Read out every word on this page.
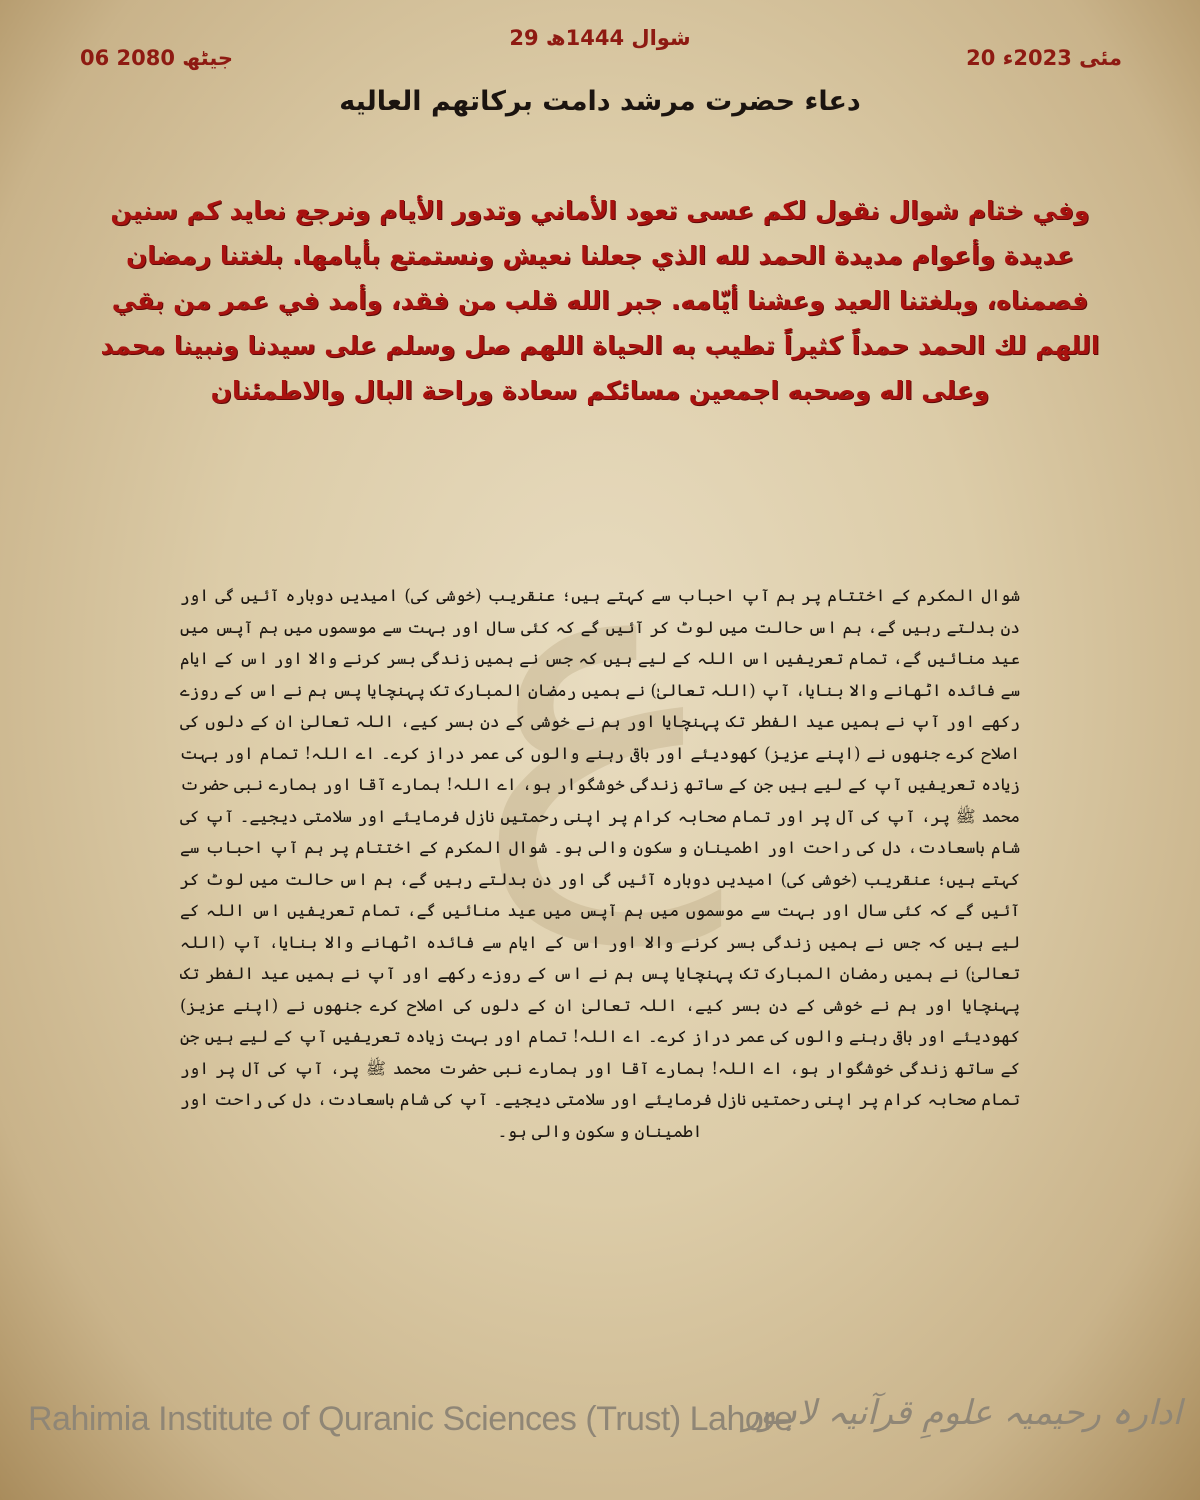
ﻉ
29 شوال 1444ھ
20 مئی 2023ء
06 جیٹھ 2080
دعاء حضرت مرشد دامت برکاتهم العاليه
وفي ختام شوال نقول لكم عسى تعود الأماني وتدور الأيام ونرجع نعايد كم سنين عديدة وأعوام مديدة الحمد لله الذي جعلنا نعيش ونستمتع بأيامها. بلغتنا رمضان فصمناه، وبلغتنا العيد وعشنا أيّامه. جبر الله قلب من فقد، وأمد في عمر من بقي اللهم لك الحمد حمداً كثيراً تطيب به الحياة اللهم صل وسلم على سيدنا ونبينا محمد وعلى اله وصحبه اجمعين مسائكم سعادة وراحة البال والاطمئنان
شوال المکرم کے اختتام پر ہم آپ احباب سے کہتے ہیں؛ عنقریب (خوشی کی) امیدیں دوبارہ آئیں گی اور دن بدلتے رہیں گے، ہم اس حالت میں لوٹ کر آئیں گے کہ کئی سال اور بہت سے موسموں میں ہم آپس میں عید منائیں گے، تمام تعریفیں اس اللہ کے لیے ہیں کہ جس نے ہمیں زندگی بسر کرنے والا اور اس کے ایام سے فائدہ اٹھانے والا بنایا، آپ (اللہ تعالیٰ) نے ہمیں رمضان المبارک تک پہنچایا پس ہم نے اس کے روزے رکھے اور آپ نے ہمیں عید الفطر تک پہنچایا اور ہم نے خوشی کے دن بسر کیے، اللہ تعالیٰ ان کے دلوں کی اصلاح کرے جنھوں نے (اپنے عزیز) کھودیئے اور باقی رہنے والوں کی عمر دراز کرے۔ اے اللہ! تمام اور بہت زیادہ تعریفیں آپ کے لیے ہیں جن کے ساتھ زندگی خوشگوار ہو، اے اللہ! ہمارے آقا اور ہمارے نبی حضرت محمد ﷺ پر، آپ کی آل پر اور تمام صحابہ کرام پر اپنی رحمتیں نازل فرمایئے اور سلامتی دیجیے۔ آپ کی شام باسعادت، دل کی راحت اور اطمینان و سکون والی ہو۔ شوال المکرم کے اختتام پر ہم آپ احباب سے کہتے ہیں؛ عنقریب (خوشی کی) امیدیں دوبارہ آئیں گی اور دن بدلتے رہیں گے، ہم اس حالت میں لوٹ کر آئیں گے کہ کئی سال اور بہت سے موسموں میں ہم آپس میں عید منائیں گے، تمام تعریفیں اس اللہ کے لیے ہیں کہ جس نے ہمیں زندگی بسر کرنے والا اور اس کے ایام سے فائدہ اٹھانے والا بنایا، آپ (اللہ تعالیٰ) نے ہمیں رمضان المبارک تک پہنچایا پس ہم نے اس کے روزے رکھے اور آپ نے ہمیں عید الفطر تک پہنچایا اور ہم نے خوشی کے دن بسر کیے، اللہ تعالیٰ ان کے دلوں کی اصلاح کرے جنھوں نے (اپنے عزیز) کھودیئے اور باقی رہنے والوں کی عمر دراز کرے۔ اے اللہ! تمام اور بہت زیادہ تعریفیں آپ کے لیے ہیں جن کے ساتھ زندگی خوشگوار ہو، اے اللہ! ہمارے آقا اور ہمارے نبی حضرت محمد ﷺ پر، آپ کی آل پر اور تمام صحابہ کرام پر اپنی رحمتیں نازل فرمایئے اور سلامتی دیجیے۔ آپ کی شام باسعادت، دل کی راحت اور اطمینان و سکون والی ہو۔
Rahimia Institute of Quranic Sciences (Trust) Lahore
ادارہ رحیمیہ علومِ قرآنیہ لاہور
